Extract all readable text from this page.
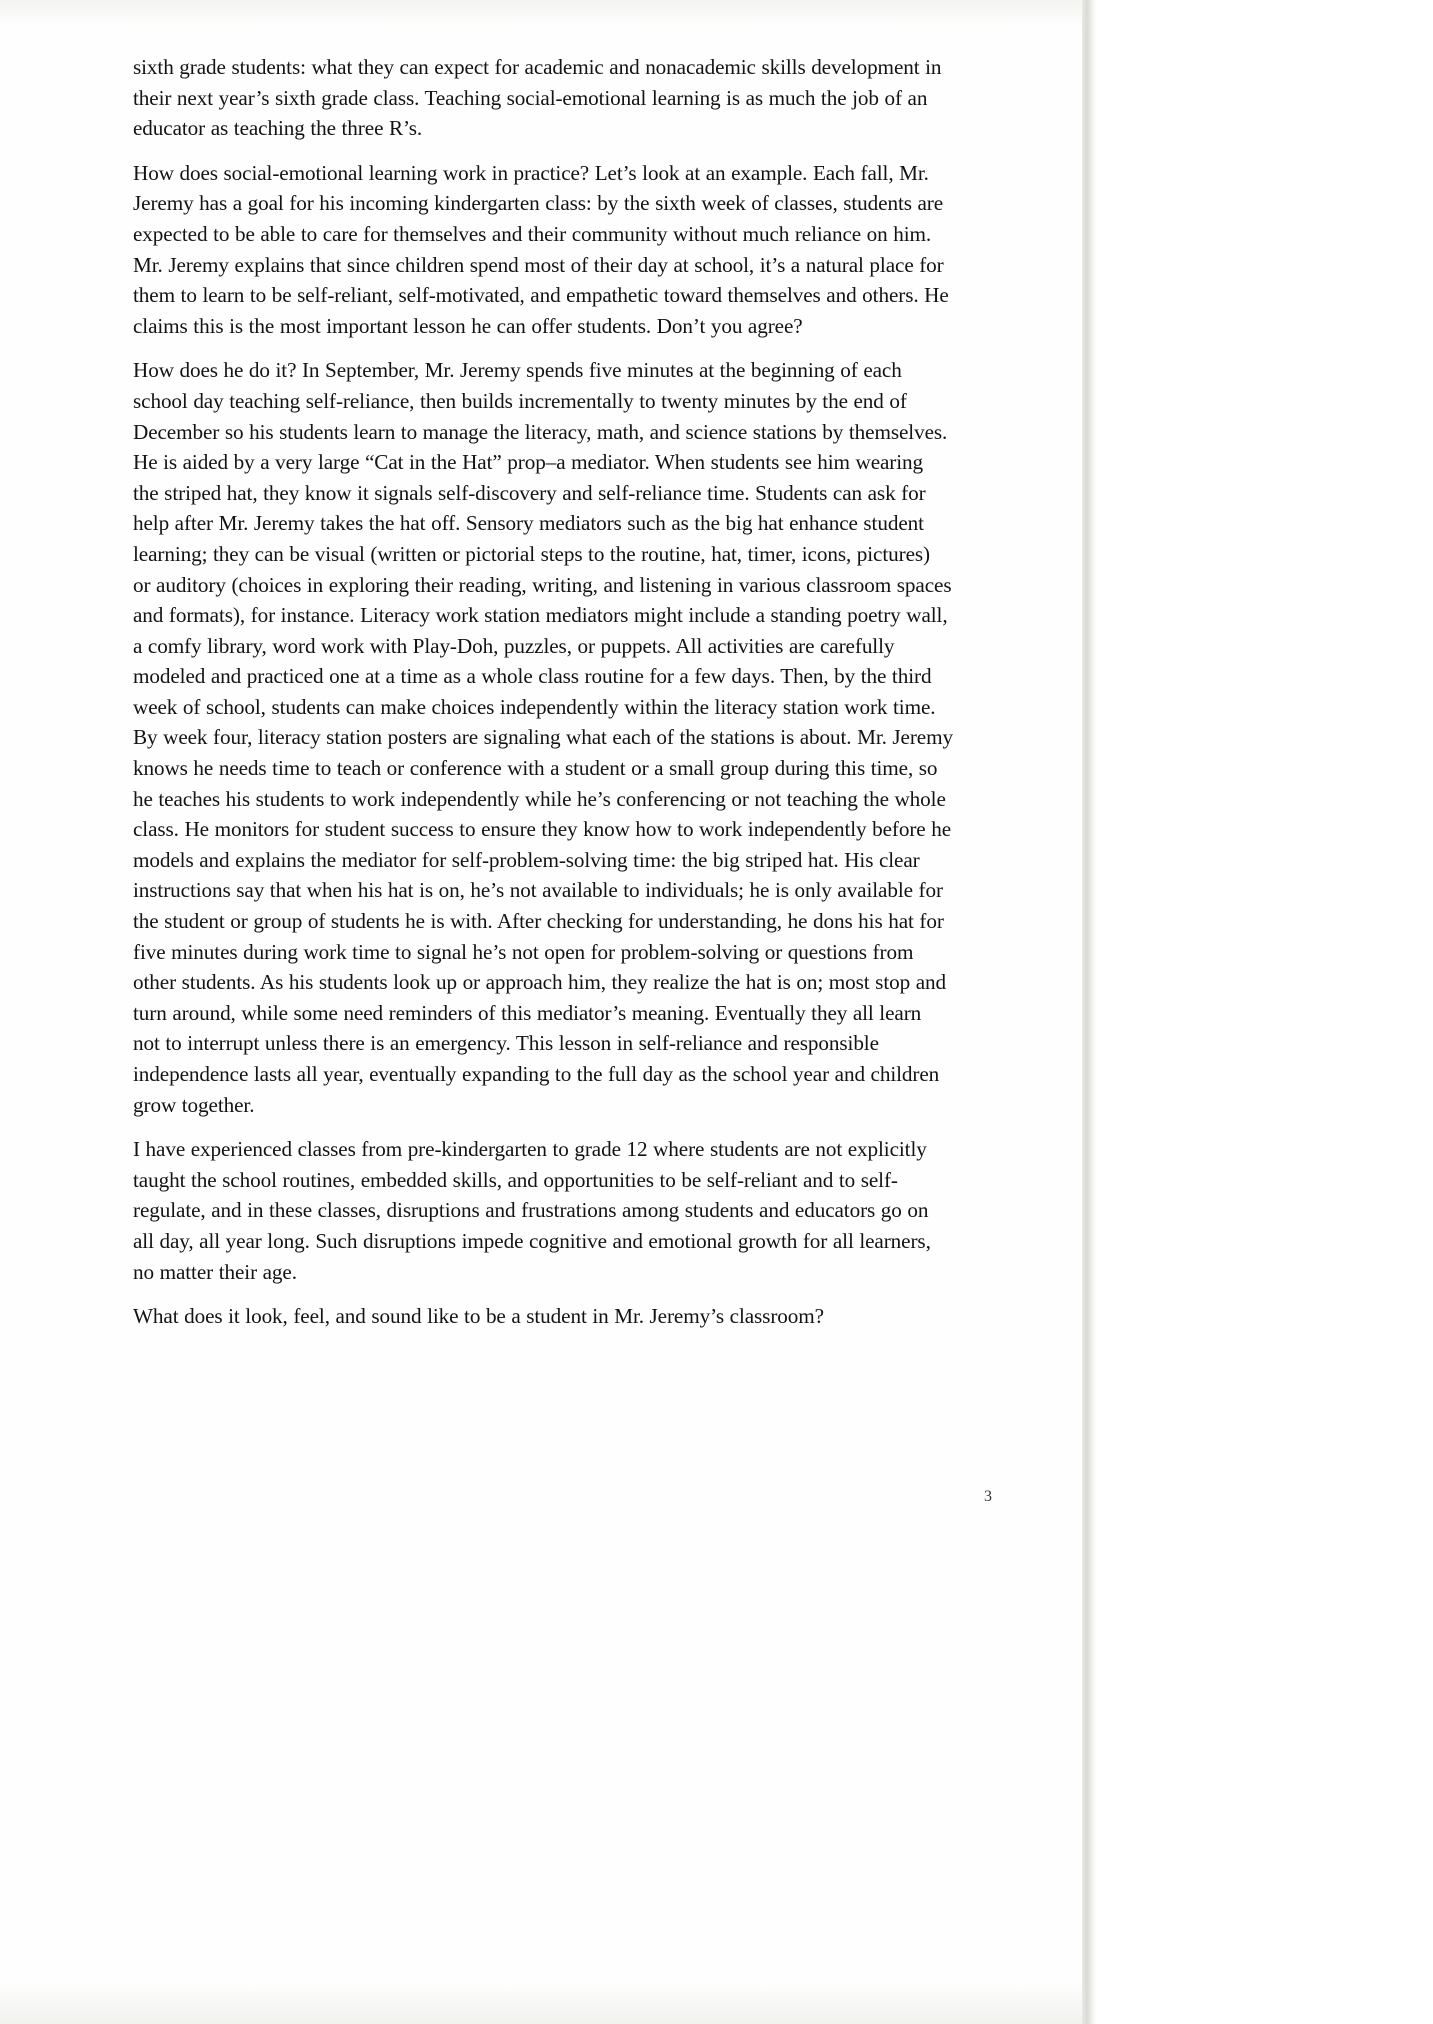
sixth grade students: what they can expect for academic and nonacademic skills development in their next year’s sixth grade class. Teaching social-emotional learning is as much the job of an educator as teaching the three R’s.

How does social-emotional learning work in practice? Let’s look at an example. Each fall, Mr. Jeremy has a goal for his incoming kindergarten class: by the sixth week of classes, students are expected to be able to care for themselves and their community without much reliance on him. Mr. Jeremy explains that since children spend most of their day at school, it’s a natural place for them to learn to be self-reliant, self-motivated, and empathetic toward themselves and others. He claims this is the most important lesson he can offer students. Don’t you agree?

How does he do it? In September, Mr. Jeremy spends five minutes at the beginning of each school day teaching self-reliance, then builds incrementally to twenty minutes by the end of December so his students learn to manage the literacy, math, and science stations by themselves. He is aided by a very large “Cat in the Hat” prop–a mediator. When students see him wearing the striped hat, they know it signals self-discovery and self-reliance time. Students can ask for help after Mr. Jeremy takes the hat off. Sensory mediators such as the big hat enhance student learning; they can be visual (written or pictorial steps to the routine, hat, timer, icons, pictures) or auditory (choices in exploring their reading, writing, and listening in various classroom spaces and formats), for instance. Literacy work station mediators might include a standing poetry wall, a comfy library, word work with Play-Doh, puzzles, or puppets. All activities are carefully modeled and practiced one at a time as a whole class routine for a few days. Then, by the third week of school, students can make choices independently within the literacy station work time. By week four, literacy station posters are signaling what each of the stations is about. Mr. Jeremy knows he needs time to teach or conference with a student or a small group during this time, so he teaches his students to work independently while he’s conferencing or not teaching the whole class. He monitors for student success to ensure they know how to work independently before he models and explains the mediator for self-problem-solving time: the big striped hat. His clear instructions say that when his hat is on, he’s not available to individuals; he is only available for the student or group of students he is with. After checking for understanding, he dons his hat for five minutes during work time to signal he’s not open for problem-solving or questions from other students. As his students look up or approach him, they realize the hat is on; most stop and turn around, while some need reminders of this mediator’s meaning. Eventually they all learn not to interrupt unless there is an emergency. This lesson in self-reliance and responsible independence lasts all year, eventually expanding to the full day as the school year and children grow together.

I have experienced classes from pre-kindergarten to grade 12 where students are not explicitly taught the school routines, embedded skills, and opportunities to be self-reliant and to self-regulate, and in these classes, disruptions and frustrations among students and educators go on all day, all year long. Such disruptions impede cognitive and emotional growth for all learners, no matter their age.

What does it look, feel, and sound like to be a student in Mr. Jeremy’s classroom?

3
